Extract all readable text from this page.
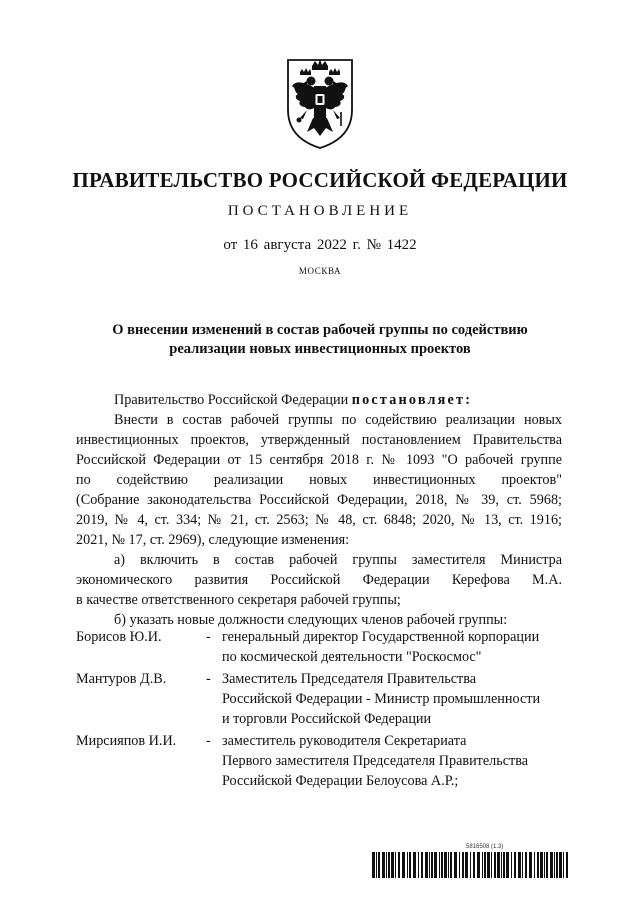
ПРАВИТЕЛЬСТВО РОССИЙСКОЙ ФЕДЕРАЦИИ
ПОСТАНОВЛЕНИЕ
от 16 августа 2022 г. № 1422
МОСКВА
О внесении изменений в состав рабочей группы по содействию
реализации новых инвестиционных проектов

Правительство Российской Федерации постановляет:

Внести в состав рабочей группы по содействию реализации новых

инвестиционных проектов, утвержденный постановлением Правительства

Российской Федерации от 15 сентября 2018 г. № 1093 "О рабочей группе

по содействию реализации новых инвестиционных проектов"

(Собрание законодательства Российской Федерации, 2018, № 39, ст. 5968;

2019, № 4, ст. 334; № 21, ст. 2563; № 48, ст. 6848; 2020, № 13, ст. 1916;

2021, № 17, ст. 2969), следующие изменения:

а) включить в состав рабочей группы заместителя Министра

экономического развития Российской Федерации Керефова М.А.

в качестве ответственного секретаря рабочей группы;

б) указать новые должности следующих членов рабочей группы:

Борисов Ю.И.	- генеральный директор Государственной корпорации
по космической деятельности "Роскосмос"
Мантуров Д.В.	- Заместитель Председателя Правительства
Российской Федерации - Министр промышленности
и торговли Российской Федерации
Мирсияпов И.И. - заместитель руководителя Секретариата
Первого заместителя Председателя Правительства
Российской Федерации Белоусова А.Р.;
5816508 (1.3)
